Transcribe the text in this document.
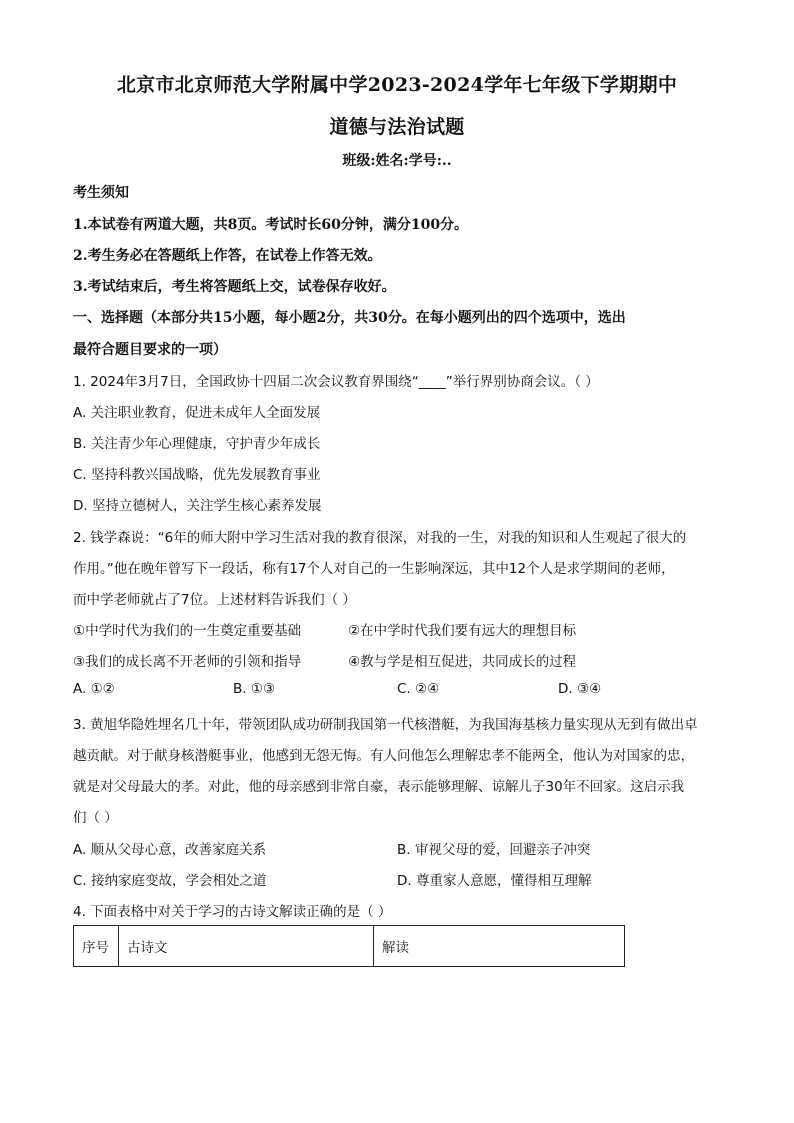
北京市北京师范大学附属中学2023-2024学年七年级下学期期中
道德与法治试题
班级:姓名:学号:..
考生须知
1.本试卷有两道大题，共8页。考试时长60分钟，满分100分。
2.考生务必在答题纸上作答，在试卷上作答无效。
3.考试结束后，考生将答题纸上交，试卷保存收好。
一、选择题（本部分共15小题，每小题2分，共30分。在每小题列出的四个选项中，选出
最符合题目要求的一项）
1. 2024年3月7日，全国政协十四届二次会议教育界围绕“____”举行界别协商会议。（ ）
A. 关注职业教育，促进未成年人全面发展
B. 关注青少年心理健康，守护青少年成长
C. 坚持科教兴国战略，优先发展教育事业
D. 坚持立德树人，关注学生核心素养发展
2. 钱学森说：“6年的师大附中学习生活对我的教育很深，对我的一生，对我的知识和人生观起了很大的
作用。”他在晚年曾写下一段话，称有17个人对自己的一生影响深远，其中12个人是求学期间的老师，
而中学老师就占了7位。上述材料告诉我们（ ）
①中学时代为我们的一生奠定重要基础	②在中学时代我们要有远大的理想目标
③我们的成长离不开老师的引领和指导	④教与学是相互促进，共同成长的过程
A. ①②	B. ①③	C. ②④	D. ③④
3. 黄旭华隐姓埋名几十年，带领团队成功研制我国第一代核潜艇，为我国海基核力量实现从无到有做出卓
越贡献。对于献身核潜艇事业，他感到无怨无悔。有人问他怎么理解忠孝不能两全，他认为对国家的忠，
就是对父母最大的孝。对此，他的母亲感到非常自豪，表示能够理解、谅解儿子30年不回家。这启示我
们（ ）
A. 顺从父母心意，改善家庭关系	B. 审视父母的爱，回避亲子冲突
C. 接纳家庭变故，学会相处之道	D. 尊重家人意愿，懂得相互理解
4. 下面表格中对关于学习的古诗文解读正确的是（ ）
序号	古诗文	解读
